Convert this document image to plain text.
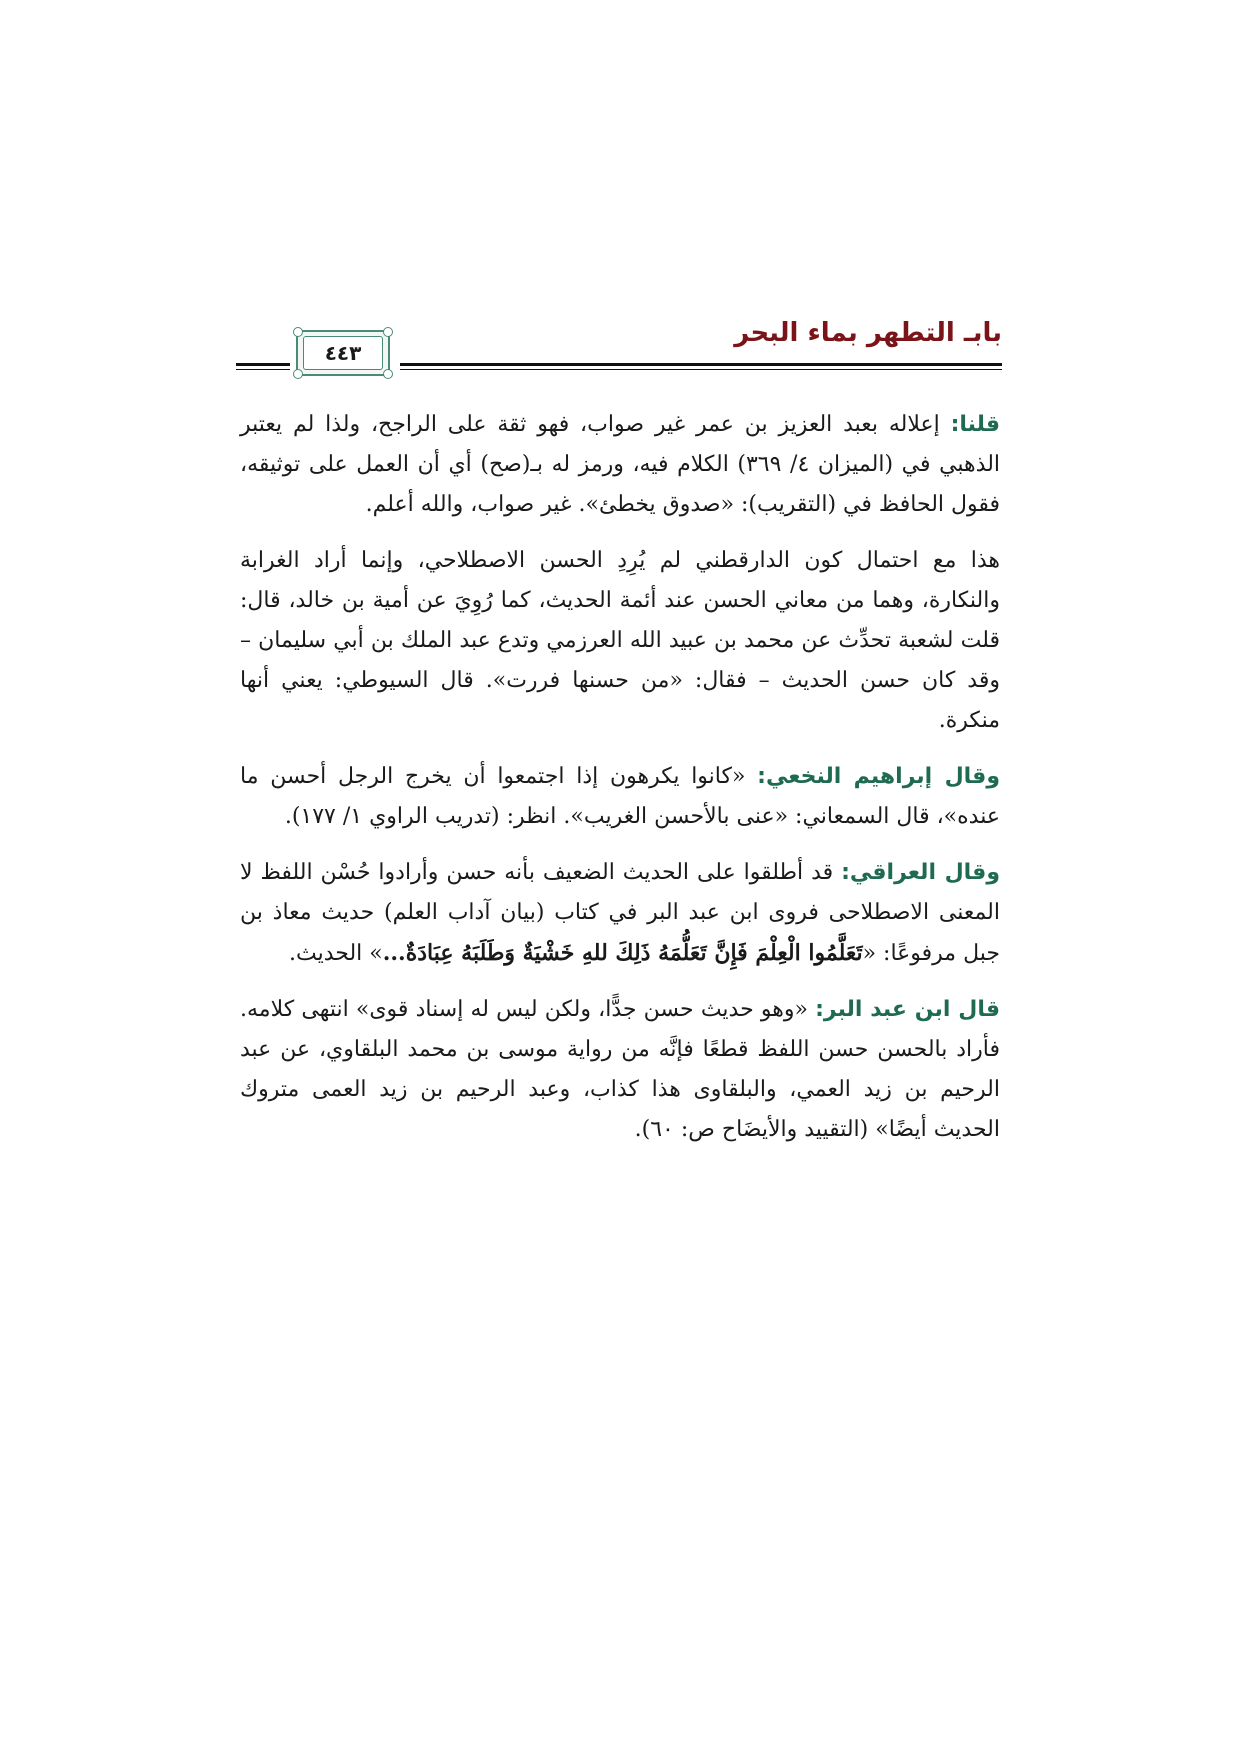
بابـ التطهر بماء البحر
٤٤٣

قلنا: إعلاله بعبد العزيز بن عمر غير صواب، فهو ثقة على الراجح، ولذا لم يعتبر الذهبي في (الميزان ٤/ ٣٦٩) الكلام فيه، ورمز له بـ(صح) أي أن العمل على توثيقه، فقول الحافظ في (التقريب): «صدوق يخطئ». غير صواب، والله أعلم.

هذا مع احتمال كون الدارقطني لم يُرِدِ الحسن الاصطلاحي، وإنما أراد الغرابة والنكارة، وهما من معاني الحسن عند أئمة الحديث، كما رُوِيَ عن أمية بن خالد، قال: قلت لشعبة تحدِّث عن محمد بن عبيد الله العرزمي وتدع عبد الملك بن أبي سليمان – وقد كان حسن الحديث – فقال: «من حسنها فررت». قال السيوطي: يعني أنها منكرة.

وقال إبراهيم النخعي: «كانوا يكرهون إذا اجتمعوا أن يخرج الرجل أحسن ما عنده»، قال السمعاني: «عنى بالأحسن الغريب». انظر: (تدريب الراوي ١/ ١٧٧).

وقال العراقي: قد أطلقوا على الحديث الضعيف بأنه حسن وأرادوا حُسْن اللفظ لا المعنى الاصطلاحى فروى ابن عبد البر في كتاب (بيان آداب العلم) حديث معاذ بن جبل مرفوعًا: «تَعَلَّمُوا الْعِلْمَ فَإِنَّ تَعَلُّمَهُ ذَلِكَ للهِ خَشْيَةٌ وَطَلَبَهُ عِبَادَةٌ...» الحديث.

قال ابن عبد البر: «وهو حديث حسن جدًّا، ولكن ليس له إسناد قوى» انتهى كلامه. فأراد بالحسن حسن اللفظ قطعًا فإنَّه من رواية موسى بن محمد البلقاوي، عن عبد الرحيم بن زيد العمي، والبلقاوى هذا كذاب، وعبد الرحيم بن زيد العمى متروك الحديث أيضًا» (التقييد والأيضَاح ص: ٦٠).
